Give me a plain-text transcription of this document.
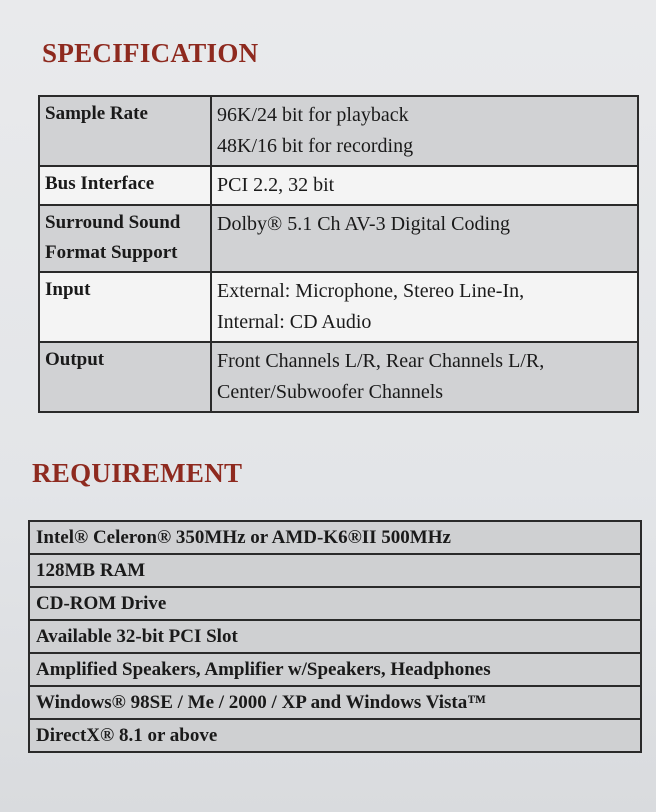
SPECIFICATION
Sample Rate	96K/24 bit for playback
48K/16 bit for recording

Bus Interface	PCI 2.2, 32 bit

Surround Sound Format Support	Dolby® 5.1 Ch AV-3 Digital Coding

Input	External: Microphone, Stereo Line-In,
Internal: CD Audio

Output	Front Channels L/R, Rear Channels L/R,
Center/Subwoofer Channels
REQUIREMENT
Intel® Celeron® 350MHz or AMD-K6®II 500MHz
128MB RAM
CD-ROM Drive
Available 32-bit PCI Slot
Amplified Speakers, Amplifier w/Speakers, Headphones
Windows® 98SE / Me / 2000 / XP and Windows Vista™
DirectX® 8.1 or above
